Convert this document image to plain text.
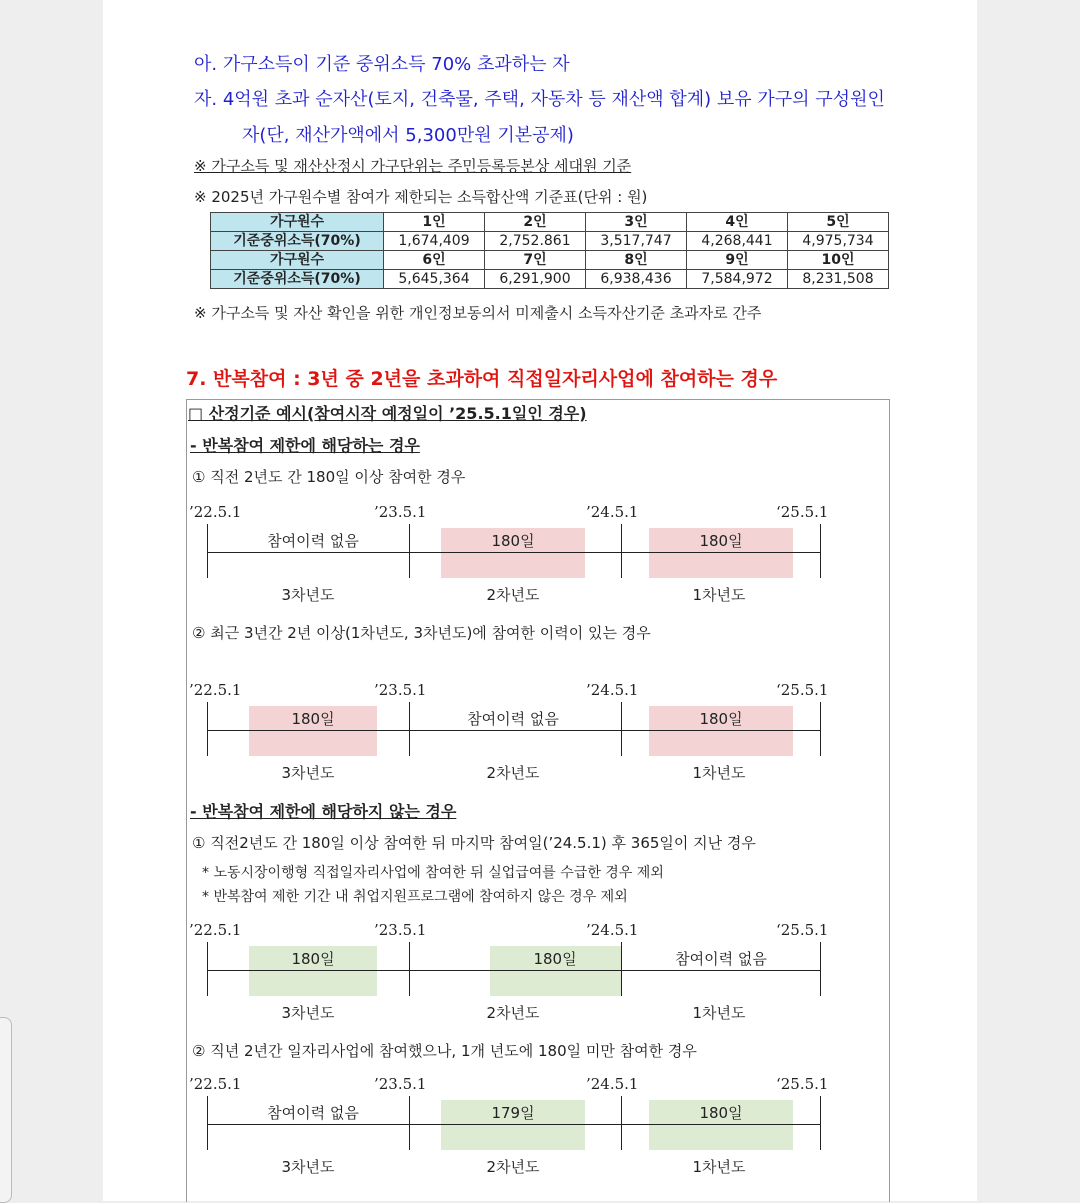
아. 가구소득이 기준 중위소득 70% 초과하는 자
자. 4억원 초과 순자산(토지, 건축물, 주택, 자동차 등 재산액 합계) 보유 가구의 구성원인
자(단, 재산가액에서 5,300만원 기본공제)
※ 가구소득 및 재산산정시 가구단위는 주민등록등본상 세대원 기준
※ 2025년 가구원수별 참여가 제한되는 소득합산액 기준표(단위 : 원)
가구원수	1인	2인	3인	4인	5인
기준중위소득(70%)	1,674,409	2,752.861	3,517,747	4,268,441	4,975,734
가구원수	6인	7인	8인	9인	10인
기준중위소득(70%)	5,645,364	6,291,900	6,938,436	7,584,972	8,231,508
※ 가구소득 및 자산 확인을 위한 개인정보동의서 미제출시 소득자산기준 초과자로 간주
7. 반복참여 : 3년 중 2년을 초과하여 직접일자리사업에 참여하는 경우
□ 산정기준 예시(참여시작 예정일이 ’25.5.1일인 경우)
- 반복참여 제한에 해당하는 경우
① 직전 2년도 간 180일 이상 참여한 경우
② 최근 3년간 2년 이상(1차년도, 3차년도)에 참여한 이력이 있는 경우
- 반복참여 제한에 해당하지 않는 경우
① 직전2년도 간 180일 이상 참여한 뒤 마지막 참여일(’24.5.1) 후 365일이 지난 경우
* 노동시장이행형 직접일자리사업에 참여한 뒤 실업급여를 수급한 경우 제외
* 반복참여 제한 기간 내 취업지원프로그램에 참여하지 않은 경우 제외
② 직년 2년간 일자리사업에 참여했으나, 1개 년도에 180일 미만 참여한 경우
’22.5.1	’23.5.1	’24.5.1	‘25.5.1
참여이력 없음	180일	180일
3차년도	2차년도	1차년도
’22.5.1	’23.5.1	’24.5.1	‘25.5.1
180일	참여이력 없음	180일
3차년도	2차년도	1차년도
’22.5.1	’23.5.1	’24.5.1	‘25.5.1
180일	180일	참여이력 없음
3차년도	2차년도	1차년도
’22.5.1	’23.5.1	’24.5.1	‘25.5.1
참여이력 없음	179일	180일
3차년도	2차년도	1차년도
